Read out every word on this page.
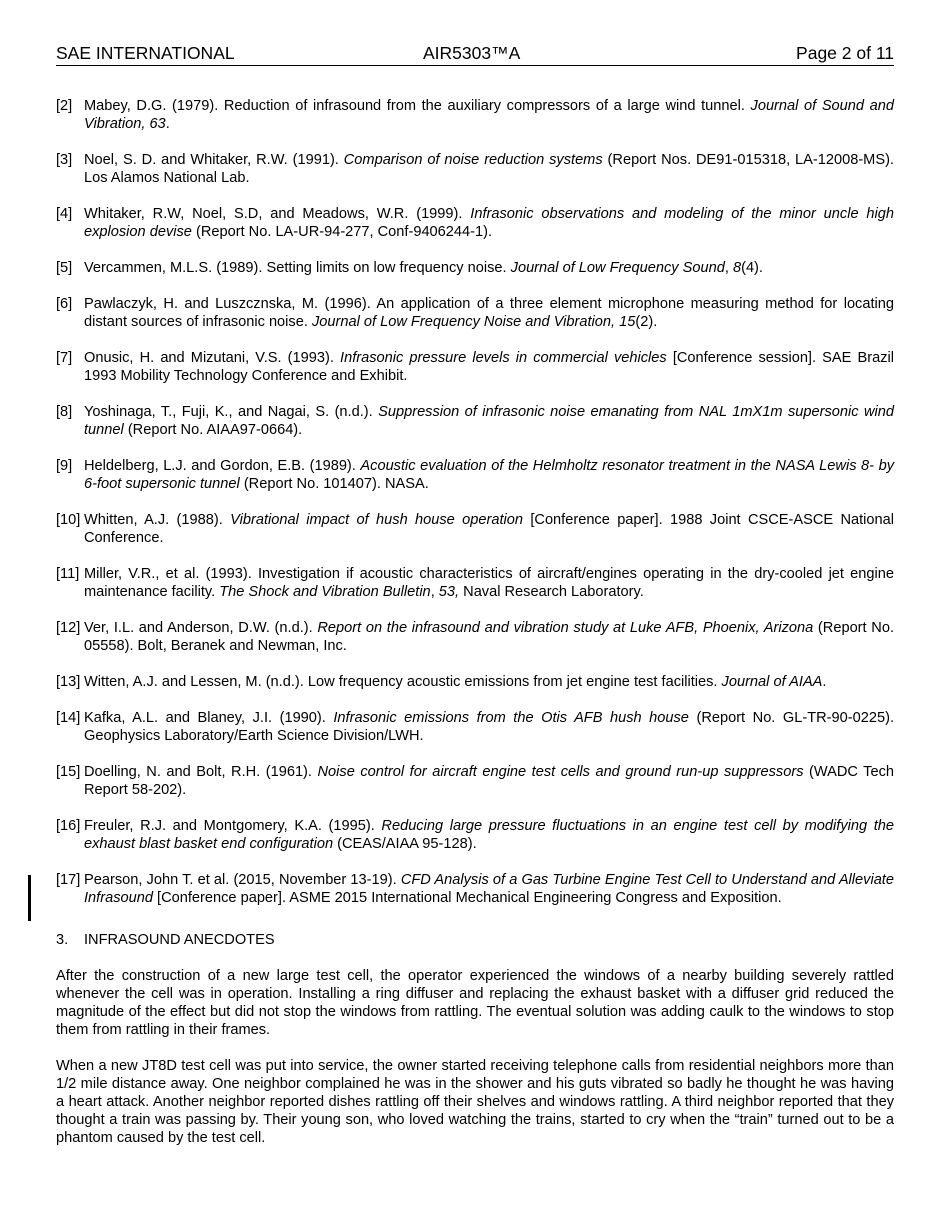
SAE INTERNATIONAL	AIR5303™A	Page 2 of 11
[2] Mabey, D.G. (1979). Reduction of infrasound from the auxiliary compressors of a large wind tunnel. Journal of Sound and Vibration, 63.
[3] Noel, S. D. and Whitaker, R.W. (1991). Comparison of noise reduction systems (Report Nos. DE91-015318, LA-12008-MS). Los Alamos National Lab.
[4] Whitaker, R.W, Noel, S.D, and Meadows, W.R. (1999). Infrasonic observations and modeling of the minor uncle high explosion devise (Report No. LA-UR-94-277, Conf-9406244-1).
[5] Vercammen, M.L.S. (1989). Setting limits on low frequency noise. Journal of Low Frequency Sound, 8(4).
[6] Pawlaczyk, H. and Luszcznska, M. (1996). An application of a three element microphone measuring method for locating distant sources of infrasonic noise. Journal of Low Frequency Noise and Vibration, 15(2).
[7] Onusic, H. and Mizutani, V.S. (1993). Infrasonic pressure levels in commercial vehicles [Conference session]. SAE Brazil 1993 Mobility Technology Conference and Exhibit.
[8] Yoshinaga, T., Fuji, K., and Nagai, S. (n.d.). Suppression of infrasonic noise emanating from NAL 1mX1m supersonic wind tunnel (Report No. AIAA97-0664).
[9] Heldelberg, L.J. and Gordon, E.B. (1989). Acoustic evaluation of the Helmholtz resonator treatment in the NASA Lewis 8- by 6-foot supersonic tunnel (Report No. 101407). NASA.
[10] Whitten, A.J. (1988). Vibrational impact of hush house operation [Conference paper]. 1988 Joint CSCE-ASCE National Conference.
[11] Miller, V.R., et al. (1993). Investigation if acoustic characteristics of aircraft/engines operating in the dry-cooled jet engine maintenance facility. The Shock and Vibration Bulletin, 53, Naval Research Laboratory.
[12] Ver, I.L. and Anderson, D.W. (n.d.). Report on the infrasound and vibration study at Luke AFB, Phoenix, Arizona (Report No. 05558). Bolt, Beranek and Newman, Inc.
[13] Witten, A.J. and Lessen, M. (n.d.). Low frequency acoustic emissions from jet engine test facilities. Journal of AIAA.
[14] Kafka, A.L. and Blaney, J.I. (1990). Infrasonic emissions from the Otis AFB hush house (Report No. GL-TR-90-0225). Geophysics Laboratory/Earth Science Division/LWH.
[15] Doelling, N. and Bolt, R.H. (1961). Noise control for aircraft engine test cells and ground run-up suppressors (WADC Tech Report 58-202).
[16] Freuler, R.J. and Montgomery, K.A. (1995). Reducing large pressure fluctuations in an engine test cell by modifying the exhaust blast basket end configuration (CEAS/AIAA 95-128).
[17] Pearson, John T. et al. (2015, November 13-19). CFD Analysis of a Gas Turbine Engine Test Cell to Understand and Alleviate Infrasound [Conference paper]. ASME 2015 International Mechanical Engineering Congress and Exposition.
3. INFRASOUND ANECDOTES

After the construction of a new large test cell, the operator experienced the windows of a nearby building severely rattled whenever the cell was in operation. Installing a ring diffuser and replacing the exhaust basket with a diffuser grid reduced the magnitude of the effect but did not stop the windows from rattling. The eventual solution was adding caulk to the windows to stop them from rattling in their frames.

When a new JT8D test cell was put into service, the owner started receiving telephone calls from residential neighbors more than 1/2 mile distance away. One neighbor complained he was in the shower and his guts vibrated so badly he thought he was having a heart attack. Another neighbor reported dishes rattling off their shelves and windows rattling. A third neighbor reported that they thought a train was passing by. Their young son, who loved watching the trains, started to cry when the “train” turned out to be a phantom caused by the test cell.
